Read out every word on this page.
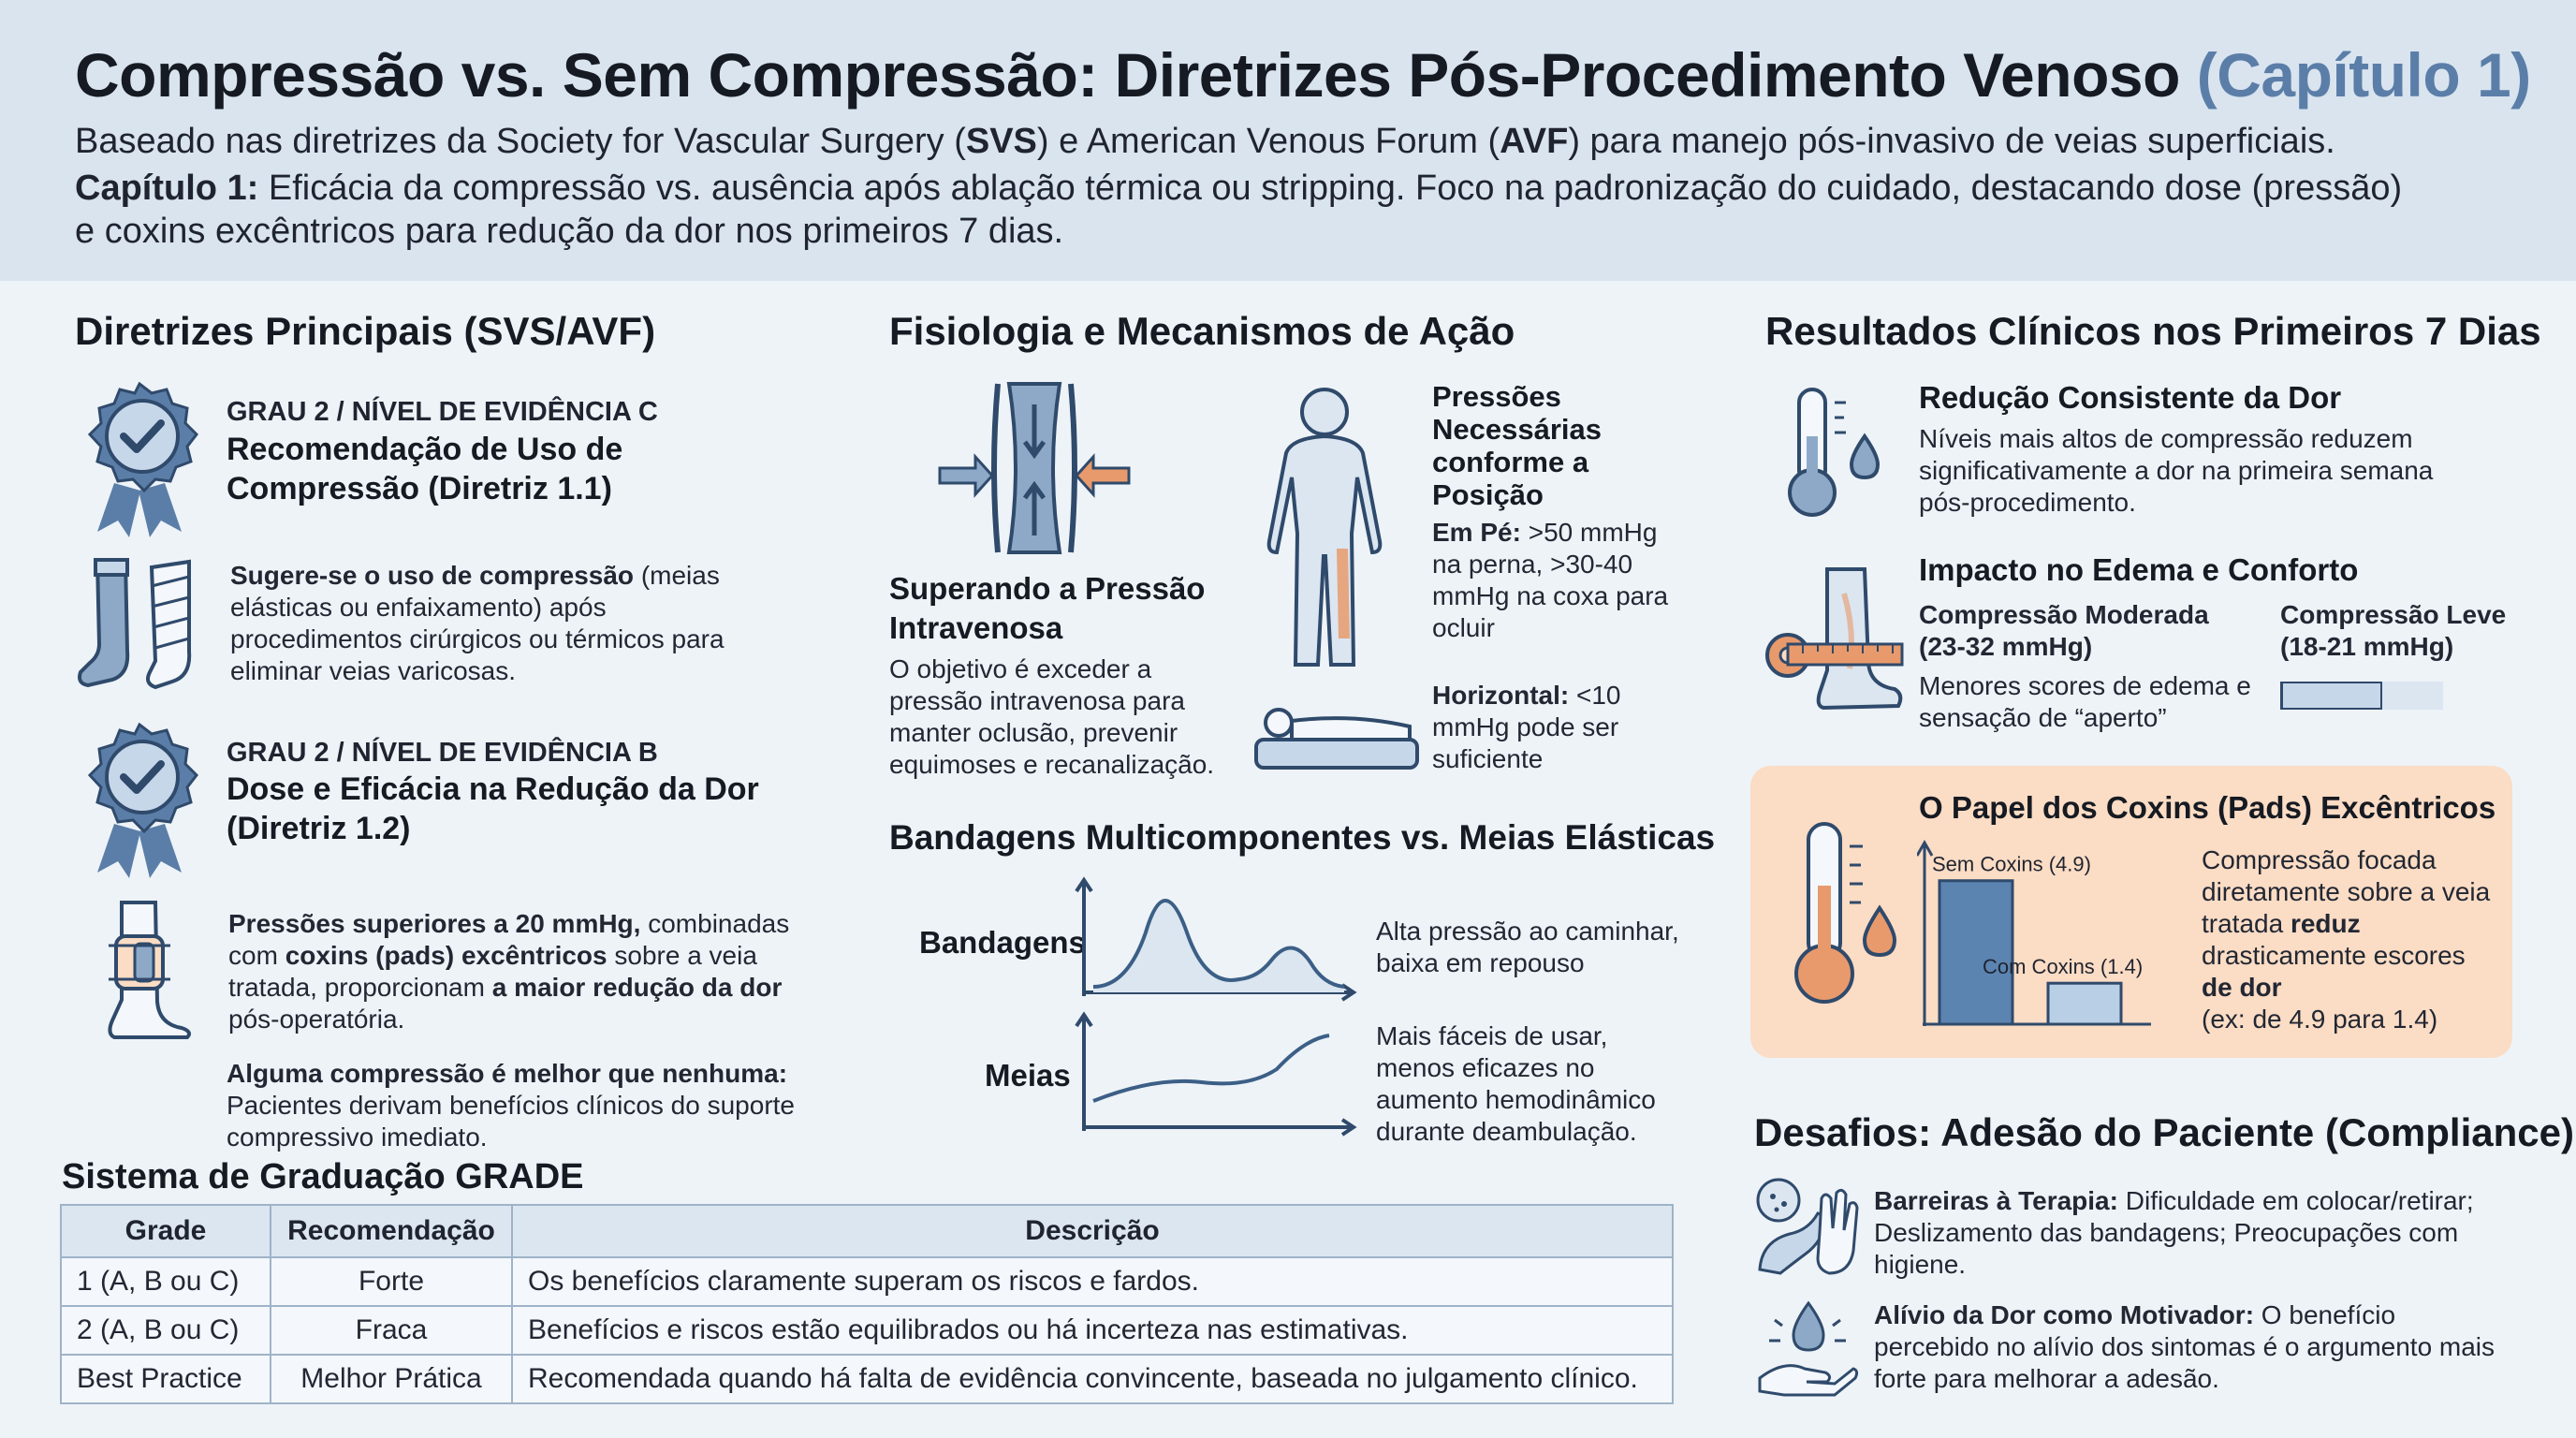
Compressão vs. Sem Compressão: Diretrizes Pós-Procedimento Venoso (Capítulo 1)
Baseado nas diretrizes da Society for Vascular Surgery (SVS) e American Venous Forum (AVF) para manejo pós-invasivo de veias superficiais.
Capítulo 1: Eficácia da compressão vs. ausência após ablação térmica ou stripping. Foco na padronização do cuidado, destacando dose (pressão)
e coxins excêntricos para redução da dor nos primeiros 7 dias.
Diretrizes Principais (SVS/AVF)
GRAU 2 / NÍVEL DE EVIDÊNCIA C
Recomendação de Uso de Compressão (Diretriz 1.1)
Sugere-se o uso de compressão (meias elásticas ou enfaixamento) após procedimentos cirúrgicos ou térmicos para eliminar veias varicosas.
GRAU 2 / NÍVEL DE EVIDÊNCIA B
Dose e Eficácia na Redução da Dor (Diretriz 1.2)
Pressões superiores a 20 mmHg, combinadas com coxins (pads) excêntricos sobre a veia tratada, proporcionam a maior redução da dor pós-operatória.
Alguma compressão é melhor que nenhuma:
Pacientes derivam benefícios clínicos do suporte compressivo imediato.
Sistema de Graduação GRADE
Grade	Recomendação	Descrição
1 (A, B ou C)	Forte	Os benefícios claramente superam os riscos e fardos.
2 (A, B ou C)	Fraca	Benefícios e riscos estão equilibrados ou há incerteza nas estimativas.
Best Practice	Melhor Prática	Recomendada quando há falta de evidência convincente, baseada no julgamento clínico.
Fisiologia e Mecanismos de Ação
Superando a Pressão Intravenosa
O objetivo é exceder a pressão intravenosa para manter oclusão, prevenir equimoses e recanalização.
Pressões Necessárias conforme a Posição
Em Pé: >50 mmHg na perna, >30-40 mmHg na coxa para ocluir
Horizontal: <10 mmHg pode ser suficiente
Bandagens Multicomponentes vs. Meias Elásticas
Bandagens	Alta pressão ao caminhar, baixa em repouso
Meias
Mais fáceis de usar, menos eficazes no aumento hemodinâmico durante deambulação.
Resultados Clínicos nos Primeiros 7 Dias
Redução Consistente da Dor
Níveis mais altos de compressão reduzem significativamente a dor na primeira semana pós-procedimento.
Impacto no Edema e Conforto
Compressão Moderada (23-32 mmHg)
Menores scores de edema e sensação de “aperto”
Compressão Leve (18-21 mmHg)
O Papel dos Coxins (Pads) Excêntricos
Sem Coxins (4.9)
Com Coxins (1.4)
Compressão focada diretamente sobre a veia tratada reduz drasticamente escores de dor
(ex: de 4.9 para 1.4)
Desafios: Adesão do Paciente (Compliance)
Barreiras à Terapia: Dificuldade em colocar/retirar; Deslizamento das bandagens; Preocupações com higiene.
Alívio da Dor como Motivador: O benefício percebido no alívio dos sintomas é o argumento mais forte para melhorar a adesão.
